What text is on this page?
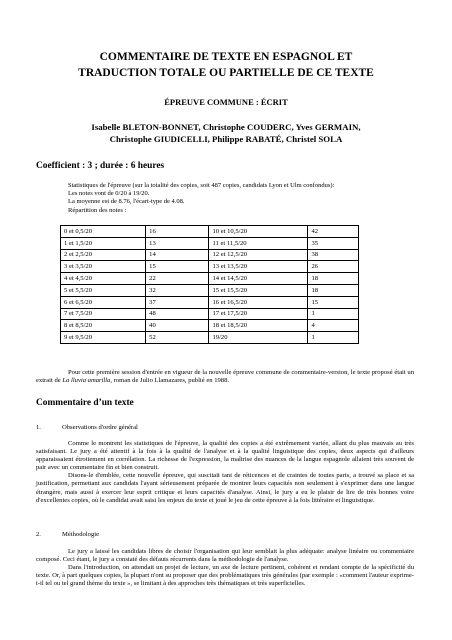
COMMENTAIRE DE TEXTE EN ESPAGNOL ET
TRADUCTION TOTALE OU PARTIELLE DE CE TEXTE
ÉPREUVE COMMUNE : ÉCRIT
Isabelle BLETON-BONNET, Christophe COUDERC, Yves GERMAIN,
Christophe GIUDICELLI, Philippe RABATÉ, Christel SOLA
Coefficient : 3 ; durée : 6 heures
Statistiques de l'épreuve (sur la totalité des copies, soit 487 copies, candidats Lyon et Ulm confondus):
Les notes vont de 0/20 à 19/20.
La moyenne est de 8.76, l'écart-type de 4.08.
Répartition des notes :
0 et 0,5/20	16	10 et 10,5/20	42
1 et 1,5/20	13	11 et 11,5/20	35
2 et 2,5/20	14	12 et 12,5/20	38
3 et 3,5/20	15	13 et 13,5/20	26
4 et 4,5/20	22	14 et 14,5/20	18
5 et 5,5/20	32	15 et 15,5/20	18
6 et 6,5/20	37	16 et 16,5/20	15
7 et 7,5/20	48	17 et 17,5/20	1
8 et 8,5/20	40	18 et 18,5/20	4
9 et 9,5/20	52	19/20	1
Pour cette première session d'entrée en vigueur de la nouvelle épreuve commune de commentaire-version, le texte proposé était un extrait de La lluvia amarilla, roman de Julio Llamazares, publié en 1988.
Commentaire d’un texte
1.	Observations d'ordre général

Comme le montrent les statistiques de l'épreuve, la qualité des copies a été extrêmement variée, allant du plus mauvais au très satisfaisant. Le jury a été attentif à la fois à la qualité de l'analyse et à la qualité linguistique des copies, deux aspects qui d'ailleurs apparaissaient étroitement en corrélation. La richesse de l'expression, la maîtrise des nuances de la langue espagnole allaient très souvent de pair avec un commentaire fin et bien construit.

Disons-le d'emblée, cette nouvelle épreuve, qui suscitait tant de réticences et de craintes de toutes parts, a trouvé sa place et sa justification, permettant aux candidats l'ayant sérieusement préparée de montrer leurs capacités non seulement à s'exprimer dans une langue étrangère, mais aussi à exercer leur esprit critique et leurs capacités d'analyse. Ainsi, le jury a eu le plaisir de lire de très bonnes voire d'excellentes copies, où le candidat avait saisi les enjeux du texte et joué le jeu de cette épreuve à la fois littéraire et linguistique.

2.	Méthodologie

Le jury a laissé les candidats libres de choisir l'organisation qui leur semblait la plus adéquate: analyse linéaire ou commentaire composé. Ceci étant, le jury a constaté des défauts récurrents dans la méthodologie de l'analyse.

Dans l'introduction, on attendait un projet de lecture, un axe de lecture pertinent, cohérent et rendant compte de la spécificité du texte. Or, à part quelques copies, la plupart n'ont su proposer que des problématiques très générales (par exemple : «comment l'auteur exprime-t-il tel ou tel grand thème du texte », se limitant à des approches très thématiques et très superficielles.
